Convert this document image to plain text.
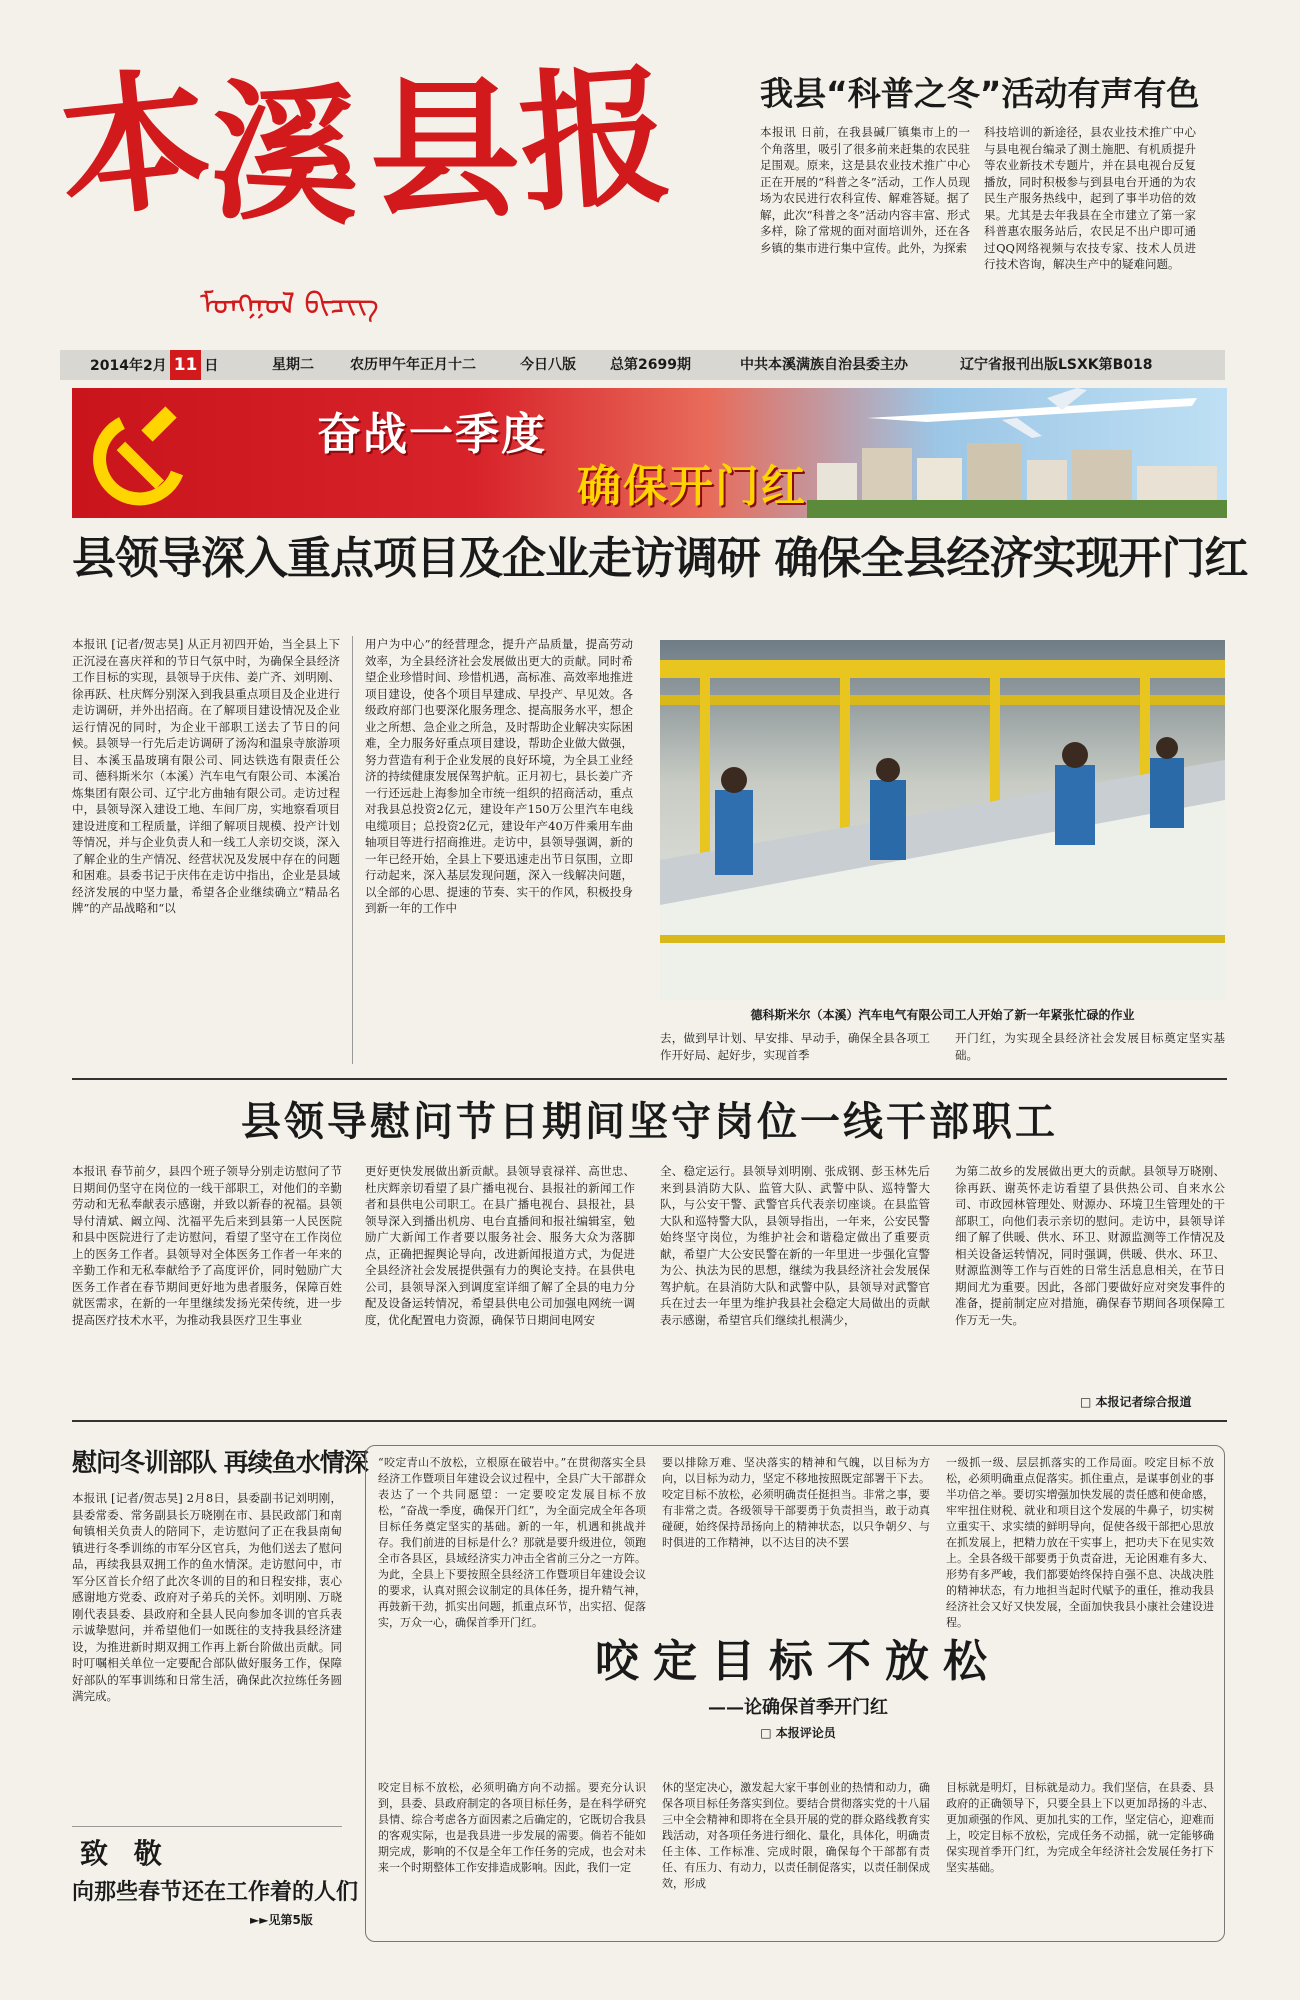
本
溪 县
报
ᠮᠣᠩᠭᠣᠯ ᠪᠢᠴᠢᠭ
我县“科普之冬”活动有声有色
本报讯 日前，在我县碱厂镇集市上的一个角落里，吸引了很多前来赶集的农民驻足围观。原来，这是县农业技术推广中心正在开展的“科普之冬”活动，工作人员现场为农民进行农科宣传、解难答疑。据了解，此次“科普之冬”活动内容丰富、形式多样，除了常规的面对面培训外，还在各乡镇的集市进行集中宣传。此外，为探索
科技培训的新途径，县农业技术推广中心与县电视台编录了测土施肥、有机质提升等农业新技术专题片，并在县电视台反复播放，同时积极参与到县电台开通的为农民生产服务热线中，起到了事半功倍的效果。尤其是去年我县在全市建立了第一家科普惠农服务站后，农民足不出户即可通过QQ网络视频与农技专家、技术人员进行技术咨询，解决生产中的疑难问题。
2014年2月 11 日	星期二	农历甲午年正月十二	今日八版 总第2699期	中共本溪满族自治县委主办	辽宁省报刊出版LSXK第B018
奋战一季度
确保开门红
县领导深入重点项目及企业走访调研 确保全县经济实现开门红
本报讯 [记者/贺志昊] 从正月初四开始，当全县上下正沉浸在喜庆祥和的节日气氛中时，为确保全县经济工作目标的实现，县领导于庆伟、姜广齐、刘明刚、徐再跃、杜庆辉分别深入到我县重点项目及企业进行走访调研，并外出招商。在了解项目建设情况及企业运行情况的同时，为企业干部职工送去了节日的问候。县领导一行先后走访调研了汤沟和温泉寺旅游项目、本溪玉晶玻璃有限公司、同达铁选有限责任公司、德科斯米尔（本溪）汽车电气有限公司、本溪冶炼集团有限公司、辽宁北方曲轴有限公司。走访过程中，县领导深入建设工地、车间厂房，实地察看项目建设进度和工程质量，详细了解项目规模、投产计划等情况，并与企业负责人和一线工人亲切交谈，深入了解企业的生产情况、经营状况及发展中存在的问题和困难。县委书记于庆伟在走访中指出，企业是县域经济发展的中坚力量，希望各企业继续确立“精品名牌”的产品战略和“以
用户为中心”的经营理念，提升产品质量，提高劳动效率，为全县经济社会发展做出更大的贡献。同时希望企业珍惜时间、珍惜机遇，高标准、高效率地推进项目建设，使各个项目早建成、早投产、早见效。各级政府部门也要深化服务理念、提高服务水平，想企业之所想、急企业之所急，及时帮助企业解决实际困难，全力服务好重点项目建设，帮助企业做大做强，努力营造有利于企业发展的良好环境，为全县工业经济的持续健康发展保驾护航。正月初七，县长姜广齐一行还远赴上海参加全市统一组织的招商活动，重点对我县总投资2亿元，建设年产150万公里汽车电线电缆项目；总投资2亿元，建设年产40万件乘用车曲轴项目等进行招商推进。走访中，县领导强调，新的一年已经开始，全县上下要迅速走出节日氛围，立即行动起来，深入基层发现问题，深入一线解决问题，以全部的心思、提速的节奏、实干的作风，积极投身到新一年的工作中
德科斯米尔（本溪）汽车电气有限公司工人开始了新一年紧张忙碌的作业
去，做到早计划、早安排、早动手，确保全县各项工作开好局、起好步，实现首季
开门红，为实现全县经济社会发展目标奠定坚实基础。
县领导慰问节日期间坚守岗位一线干部职工
本报讯 春节前夕，县四个班子领导分别走访慰问了节日期间仍坚守在岗位的一线干部职工，对他们的辛勤劳动和无私奉献表示感谢，并致以新春的祝福。县领导付清斌、阚立闯、沈福平先后来到县第一人民医院和县中医院进行了走访慰问，看望了坚守在工作岗位上的医务工作者。县领导对全体医务工作者一年来的辛勤工作和无私奉献给予了高度评价，同时勉励广大医务工作者在春节期间更好地为患者服务，保障百姓就医需求，在新的一年里继续发扬光荣传统，进一步提高医疗技术水平，为推动我县医疗卫生事业
更好更快发展做出新贡献。县领导袁禄祥、高世忠、杜庆辉亲切看望了县广播电视台、县报社的新闻工作者和县供电公司职工。在县广播电视台、县报社，县领导深入到播出机房、电台直播间和报社编辑室，勉励广大新闻工作者要以服务社会、服务大众为落脚点，正确把握舆论导向，改进新闻报道方式，为促进全县经济社会发展提供强有力的舆论支持。在县供电公司，县领导深入到调度室详细了解了全县的电力分配及设备运转情况，希望县供电公司加强电网统一调度，优化配置电力资源，确保节日期间电网安
全、稳定运行。县领导刘明刚、张成钢、彭玉林先后来到县消防大队、监管大队、武警中队、巡特警大队，与公安干警、武警官兵代表亲切座谈。在县监管大队和巡特警大队，县领导指出，一年来，公安民警始终坚守岗位，为维护社会和谐稳定做出了重要贡献，希望广大公安民警在新的一年里进一步强化宣警为公、执法为民的思想，继续为我县经济社会发展保驾护航。在县消防大队和武警中队，县领导对武警官兵在过去一年里为维护我县社会稳定大局做出的贡献表示感谢，希望官兵们继续扎根满少，
为第二故乡的发展做出更大的贡献。县领导万晓刚、徐再跃、谢英怀走访看望了县供热公司、自来水公司、市政园林管理处、财源办、环境卫生管理处的干部职工，向他们表示亲切的慰问。走访中，县领导详细了解了供暖、供水、环卫、财源监测等工作情况及相关设备运转情况，同时强调，供暖、供水、环卫、财源监测等工作与百姓的日常生活息息相关，在节日期间尤为重要。因此，各部门要做好应对突发事件的准备，提前制定应对措施，确保春节期间各项保障工作万无一失。
□ 本报记者综合报道
慰问冬训部队 再续鱼水情深
本报讯 [记者/贺志昊] 2月8日，县委副书记刘明刚，县委常委、常务副县长万晓刚在市、县民政部门和南甸镇相关负责人的陪同下，走访慰问了正在我县南甸镇进行冬季训练的市军分区官兵，为他们送去了慰问品，再续我县双拥工作的鱼水情深。走访慰问中，市军分区首长介绍了此次冬训的目的和日程安排，衷心感谢地方党委、政府对子弟兵的关怀。刘明刚、万晓刚代表县委、县政府和全县人民向参加冬训的官兵表示诚挚慰问，并希望他们一如既往的支持我县经济建设，为推进新时期双拥工作再上新台阶做出贡献。同时叮嘱相关单位一定要配合部队做好服务工作，保障好部队的军事训练和日常生活，确保此次拉练任务圆满完成。
致 敬
向那些春节还在工作着的人们
►►见第5版
“咬定青山不放松，立根原在破岩中。”在贯彻落实全县经济工作暨项目年建设会议过程中，全县广大干部群众表达了一个共同愿望：一定要咬定发展目标不放松，“奋战一季度，确保开门红”，为全面完成全年各项目标任务奠定坚实的基础。新的一年，机遇和挑战并存。我们前进的目标是什么？那就是要升级进位，领跑全市各县区，县域经济实力冲击全省前三分之一方阵。为此，全县上下要按照全县经济工作暨项目年建设会议的要求，认真对照会议制定的具体任务，提升精气神，再鼓新干劲，抓实出问题，抓重点环节，出实招、促落实，万众一心，确保首季开门红。
咬定目标不放松，必须明确方向不动摇。要充分认识到，县委、县政府制定的各项目标任务，是在科学研究县情、综合考虑各方面因素之后确定的，它既切合我县的客观实际，也是我县进一步发展的需要。倘若不能如期完成，影响的不仅是全年工作任务的完成，也会对未来一个时期整体工作安排造成影响。因此，我们一定
要以排除万难、坚决落实的精神和气魄，以目标为方向，以目标为动力，坚定不移地按照既定部署干下去。咬定目标不放松，必须明确责任挺担当。非常之事，要有非常之责。各级领导干部要勇于负责担当，敢于动真碰硬，始终保持昂扬向上的精神状态，以只争朝夕、与时俱进的工作精神，以不达目的决不罢
休的坚定决心，激发起大家干事创业的热情和动力，确保各项目标任务落实到位。要结合贯彻落实党的十八届三中全会精神和即将在全县开展的党的群众路线教育实践活动，对各项任务进行细化、量化，具体化，明确责任主体、工作标准、完成时限，确保每个干部都有责任、有压力、有动力，以责任制促落实，以责任制保成效，形成
一级抓一级、层层抓落实的工作局面。咬定目标不放松，必须明确重点促落实。抓住重点，是谋事创业的事半功倍之举。要切实增强加快发展的责任感和使命感，牢牢扭住财税、就业和项目这个发展的牛鼻子，切实树立重实干、求实绩的鲜明导向，促使各级干部把心思放在抓发展上，把精力放在干实事上，把功夫下在见实效上。全县各级干部要勇于负责奋进，无论困难有多大、形势有多严峻，我们都要始终保持自强不息、决战决胜的精神状态，有力地担当起时代赋予的重任，推动我县经济社会又好又快发展，全面加快我县小康社会建设进程。
目标就是明灯，目标就是动力。我们坚信，在县委、县政府的正确领导下，只要全县上下以更加昂扬的斗志、更加顽强的作风、更加扎实的工作，坚定信心，迎难而上，咬定目标不放松，完成任务不动摇，就一定能够确保实现首季开门红，为完成全年经济社会发展任务打下坚实基础。
咬定目标不放松
——论确保首季开门红
□ 本报评论员
